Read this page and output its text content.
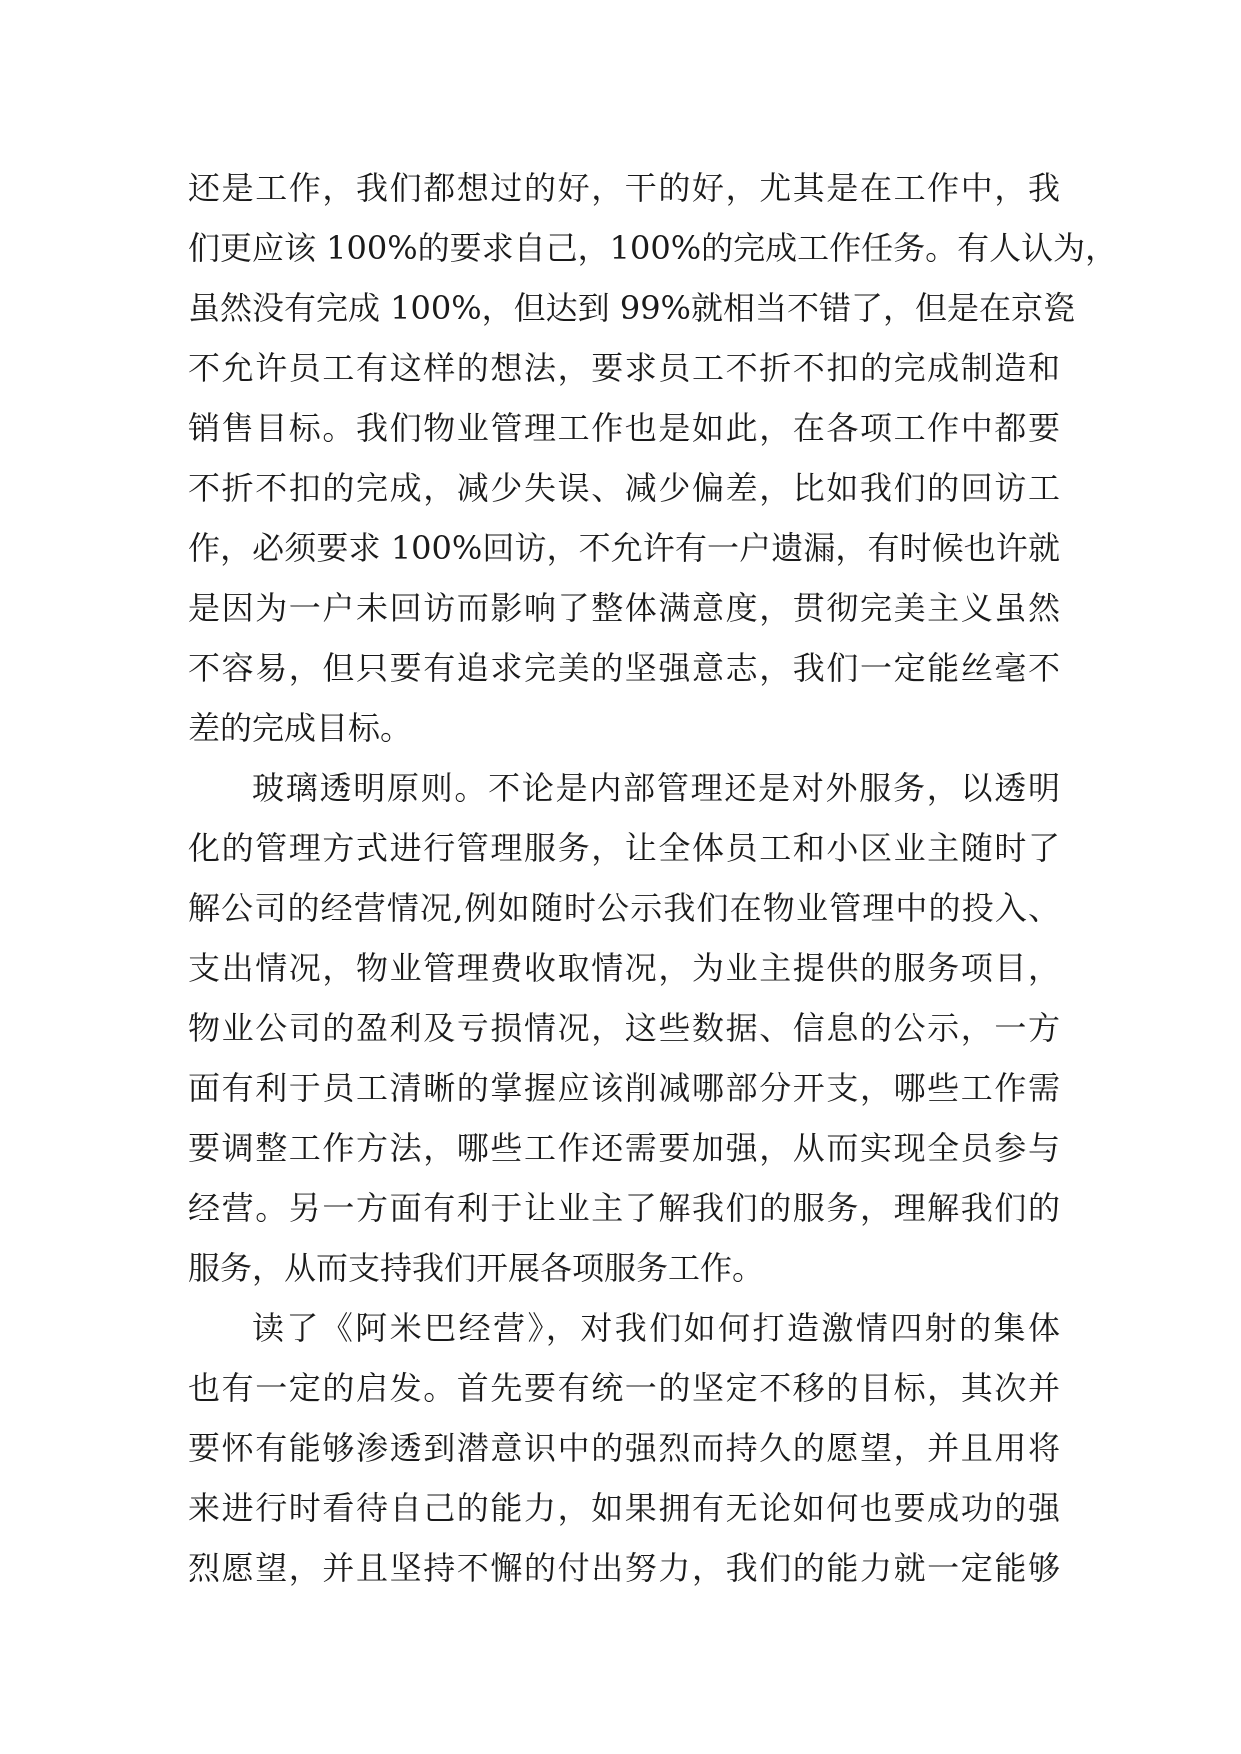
还是工作，我们都想过的好，干的好，尤其是在工作中，我
们更应该 100%的要求自己，100%的完成工作任务。有人认为，
虽然没有完成 100%，但达到 99%就相当不错了，但是在京瓷
不允许员工有这样的想法，要求员工不折不扣的完成制造和
销售目标。我们物业管理工作也是如此，在各项工作中都要
不折不扣的完成，减少失误、减少偏差，比如我们的回访工
作，必须要求 100%回访，不允许有一户遗漏，有时候也许就
是因为一户未回访而影响了整体满意度，贯彻完美主义虽然
不容易，但只要有追求完美的坚强意志，我们一定能丝毫不
差的完成目标。
玻璃透明原则。不论是内部管理还是对外服务，以透明
化的管理方式进行管理服务，让全体员工和小区业主随时了
解公司的经营情况,例如随时公示我们在物业管理中的投入、
支出情况，物业管理费收取情况，为业主提供的服务项目，
物业公司的盈利及亏损情况，这些数据、信息的公示，一方
面有利于员工清晰的掌握应该削减哪部分开支，哪些工作需
要调整工作方法，哪些工作还需要加强，从而实现全员参与
经营。另一方面有利于让业主了解我们的服务，理解我们的
服务，从而支持我们开展各项服务工作。
读了《阿米巴经营》，对我们如何打造激情四射的集体
也有一定的启发。首先要有统一的坚定不移的目标，其次并
要怀有能够渗透到潜意识中的强烈而持久的愿望，并且用将
来进行时看待自己的能力，如果拥有无论如何也要成功的强
烈愿望，并且坚持不懈的付出努力，我们的能力就一定能够
